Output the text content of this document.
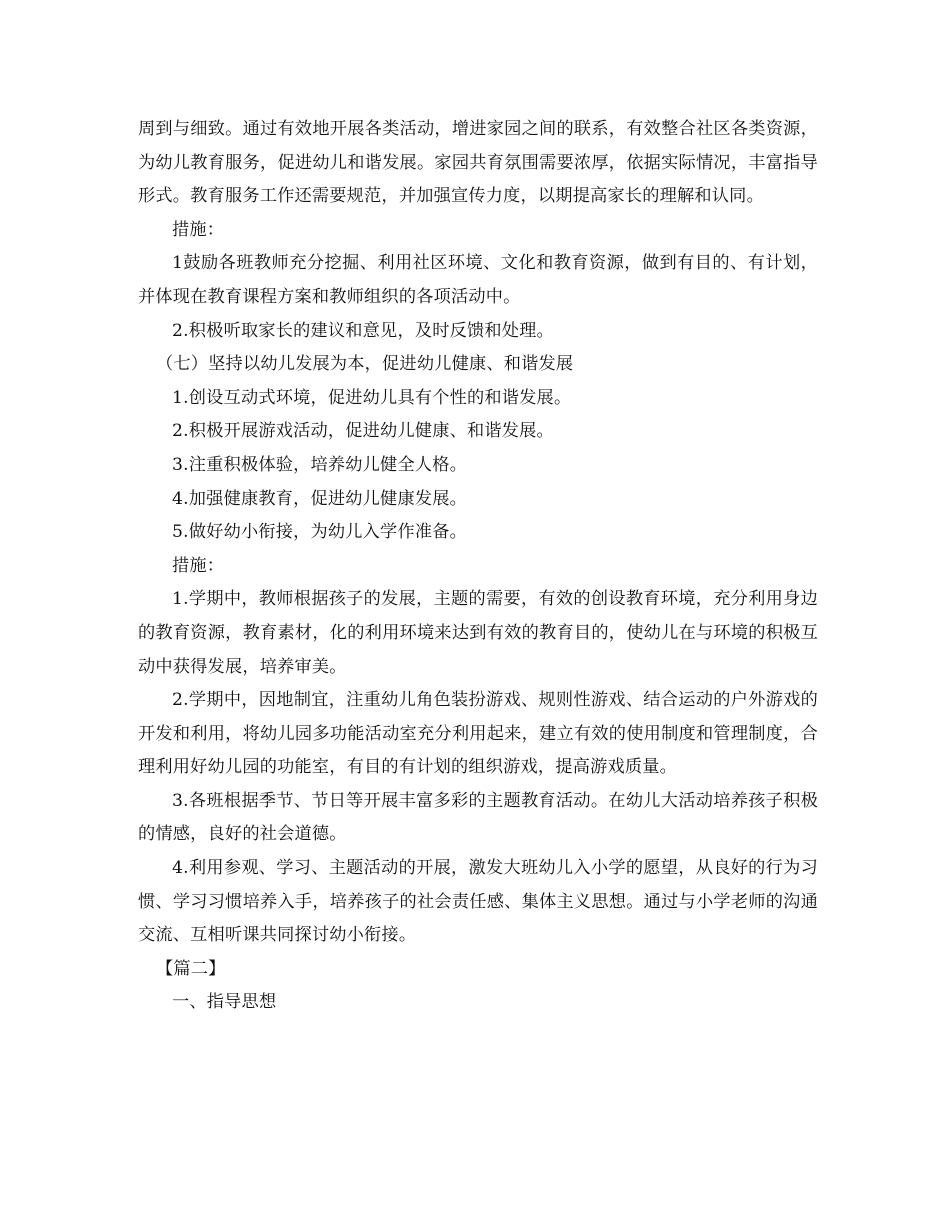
周到与细致。通过有效地开展各类活动，增进家园之间的联系，有效整合社区各类资源，为幼儿教育服务，促进幼儿和谐发展。家园共育氛围需要浓厚，依据实际情况，丰富指导形式。教育服务工作还需要规范，并加强宣传力度，以期提高家长的理解和认同。

措施：

1鼓励各班教师充分挖掘、利用社区环境、文化和教育资源，做到有目的、有计划，并体现在教育课程方案和教师组织的各项活动中。

2.积极听取家长的建议和意见，及时反馈和处理。

（七）坚持以幼儿发展为本，促进幼儿健康、和谐发展

1.创设互动式环境，促进幼儿具有个性的和谐发展。

2.积极开展游戏活动，促进幼儿健康、和谐发展。

3.注重积极体验，培养幼儿健全人格。

4.加强健康教育，促进幼儿健康发展。

5.做好幼小衔接，为幼儿入学作准备。

措施：

1.学期中，教师根据孩子的发展，主题的需要，有效的创设教育环境，充分利用身边的教育资源，教育素材，化的利用环境来达到有效的教育目的，使幼儿在与环境的积极互动中获得发展，培养审美。

2.学期中，因地制宜，注重幼儿角色装扮游戏、规则性游戏、结合运动的户外游戏的开发和利用，将幼儿园多功能活动室充分利用起来，建立有效的使用制度和管理制度，合理利用好幼儿园的功能室，有目的有计划的组织游戏，提高游戏质量。

3.各班根据季节、节日等开展丰富多彩的主题教育活动。在幼儿大活动培养孩子积极的情感，良好的社会道德。

4.利用参观、学习、主题活动的开展，激发大班幼儿入小学的愿望，从良好的行为习惯、学习习惯培养入手，培养孩子的社会责任感、集体主义思想。通过与小学老师的沟通交流、互相听课共同探讨幼小衔接。

【篇二】

一、指导思想
